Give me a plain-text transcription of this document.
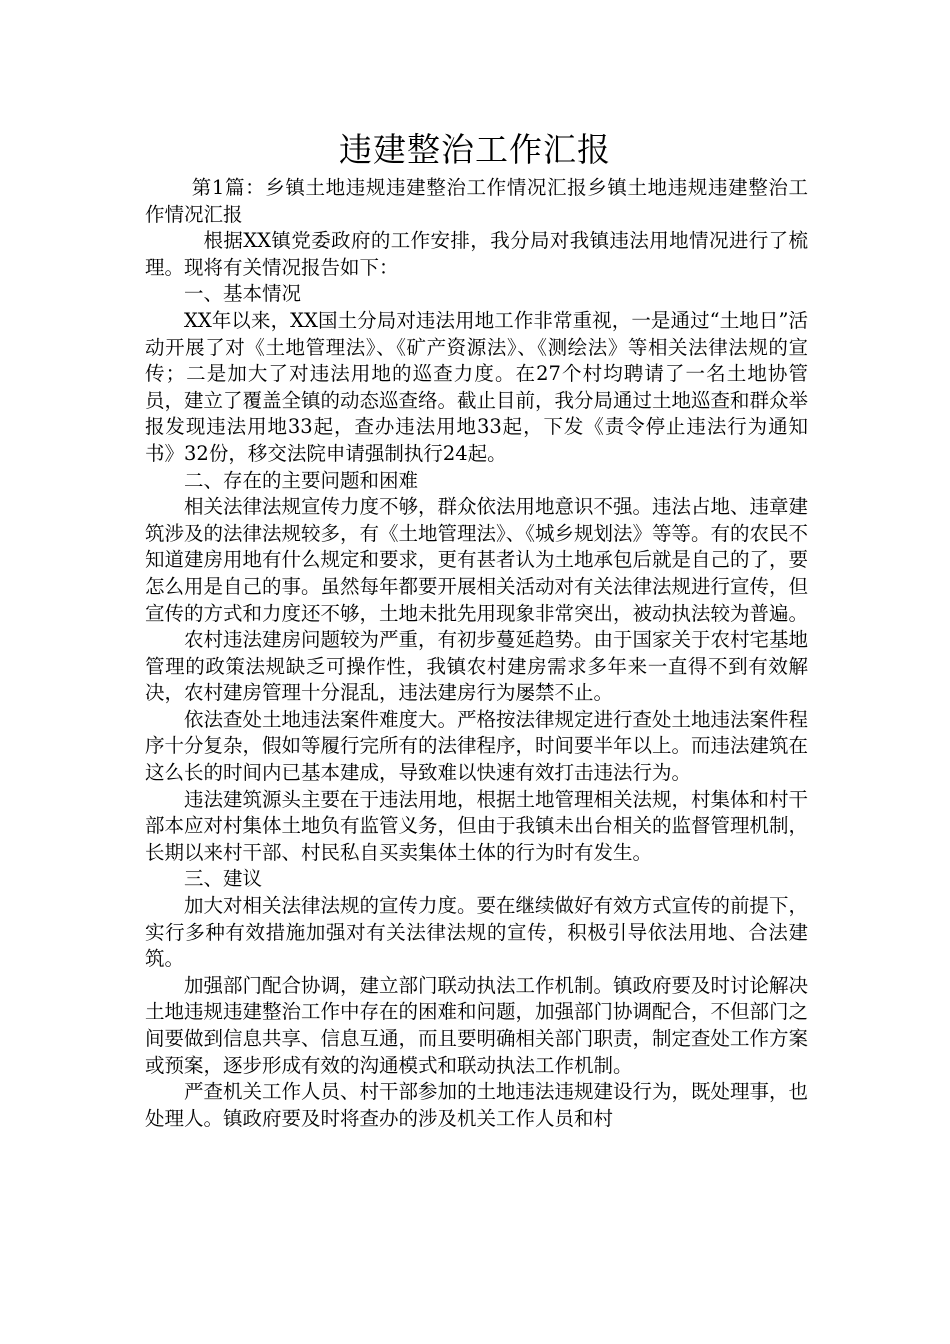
违建整治工作汇报

第1篇：乡镇土地违规违建整治工作情况汇报乡镇土地违规违建整治工作情况汇报

根据XX镇党委政府的工作安排，我分局对我镇违法用地情况进行了梳理。现将有关情况报告如下：

一、基本情况

XX年以来，XX国土分局对违法用地工作非常重视，一是通过“土地日”活动开展了对《土地管理法》、《矿产资源法》、《测绘法》等相关法律法规的宣传；二是加大了对违法用地的巡查力度。在27个村均聘请了一名土地协管员，建立了覆盖全镇的动态巡查络。截止目前，我分局通过土地巡查和群众举报发现违法用地33起，查办违法用地33起，下发《责令停止违法行为通知书》32份，移交法院申请强制执行24起。

二、存在的主要问题和困难

相关法律法规宣传力度不够，群众依法用地意识不强。违法占地、违章建筑涉及的法律法规较多，有《土地管理法》、《城乡规划法》等等。有的农民不知道建房用地有什么规定和要求，更有甚者认为土地承包后就是自己的了，要怎么用是自己的事。虽然每年都要开展相关活动对有关法律法规进行宣传，但宣传的方式和力度还不够，土地未批先用现象非常突出，被动执法较为普遍。

农村违法建房问题较为严重，有初步蔓延趋势。由于国家关于农村宅基地管理的政策法规缺乏可操作性，我镇农村建房需求多年来一直得不到有效解决，农村建房管理十分混乱，违法建房行为屡禁不止。

依法查处土地违法案件难度大。严格按法律规定进行查处土地违法案件程序十分复杂，假如等履行完所有的法律程序，时间要半年以上。而违法建筑在这么长的时间内已基本建成，导致难以快速有效打击违法行为。

违法建筑源头主要在于违法用地，根据土地管理相关法规，村集体和村干部本应对村集体土地负有监管义务，但由于我镇未出台相关的监督管理机制，长期以来村干部、村民私自买卖集体土体的行为时有发生。

三、建议

加大对相关法律法规的宣传力度。要在继续做好有效方式宣传的前提下，实行多种有效措施加强对有关法律法规的宣传，积极引导依法用地、合法建筑。

加强部门配合协调，建立部门联动执法工作机制。镇政府要及时讨论解决土地违规违建整治工作中存在的困难和问题，加强部门协调配合，不但部门之间要做到信息共享、信息互通，而且要明确相关部门职责，制定查处工作方案或预案，逐步形成有效的沟通模式和联动执法工作机制。

严查机关工作人员、村干部参加的土地违法违规建设行为，既处理事，也处理人。镇政府要及时将查办的涉及机关工作人员和村
